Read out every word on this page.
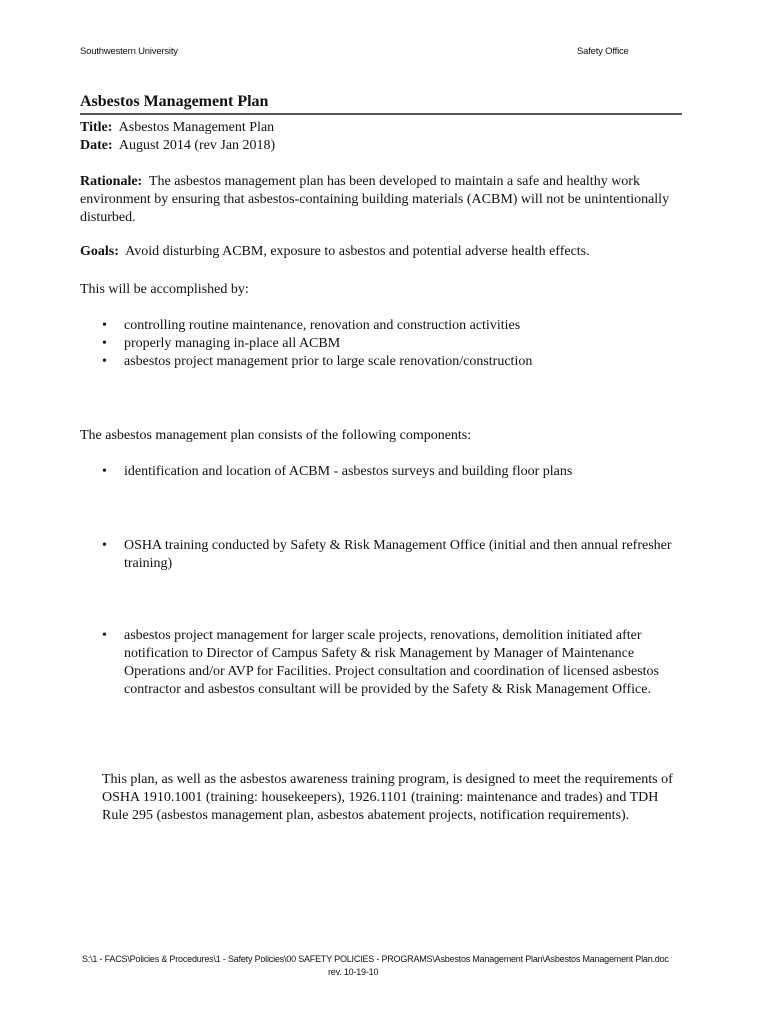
Southwestern University	Safety Office
Asbestos Management Plan
Title: Asbestos Management Plan
Date: August 2014 (rev Jan 2018)
Rationale: The asbestos management plan has been developed to maintain a safe and healthy work environment by ensuring that asbestos-containing building materials (ACBM) will not be unintentionally disturbed.
Goals: Avoid disturbing ACBM, exposure to asbestos and potential adverse health effects.
This will be accomplished by:
• controlling routine maintenance, renovation and construction activities
• properly managing in-place all ACBM
• asbestos project management prior to large scale renovation/construction
The asbestos management plan consists of the following components:
• identification and location of ACBM - asbestos surveys and building floor plans
• OSHA training conducted by Safety & Risk Management Office (initial and then annual refresher training)
• asbestos project management for larger scale projects, renovations, demolition initiated after notification to Director of Campus Safety & risk Management by Manager of Maintenance Operations and/or AVP for Facilities. Project consultation and coordination of licensed asbestos contractor and asbestos consultant will be provided by the Safety & Risk Management Office.
This plan, as well as the asbestos awareness training program, is designed to meet the requirements of OSHA 1910.1001 (training: housekeepers), 1926.1101 (training: maintenance and trades) and TDH Rule 295 (asbestos management plan, asbestos abatement projects, notification requirements).
S:\1 - FACS\Policies & Procedures\1 - Safety Policies\00 SAFETY POLICIES - PROGRAMS\Asbestos Management Plan\Asbestos Management Plan.doc
rev. 10-19-10
